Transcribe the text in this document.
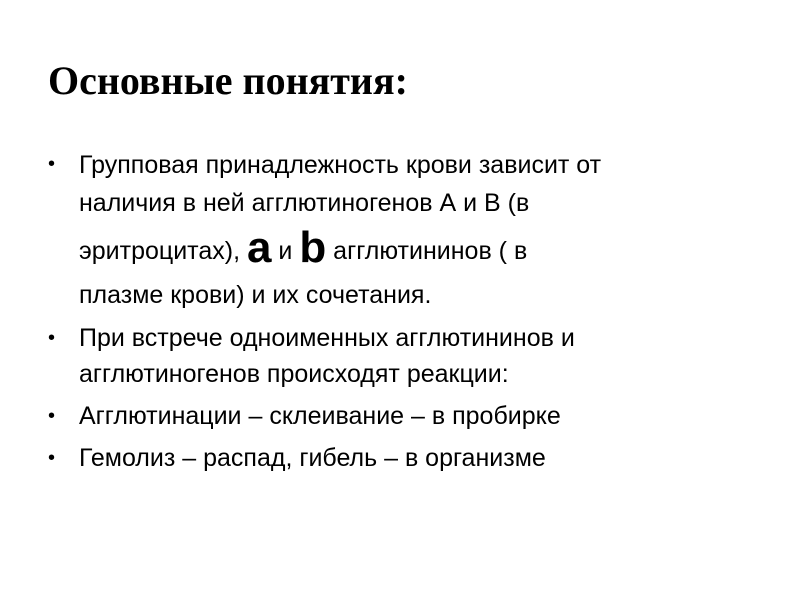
Основные понятия:
• Групповая принадлежность крови зависит от
наличия в ней агглютиногенов А и В (в
эритроцитах), a и b агглютининов ( в
плазме крови) и их сочетания.
• При встрече одноименных агглютининов и
агглютиногенов происходят реакции:
• Агглютинации – склеивание – в пробирке
• Гемолиз – распад, гибель – в организме
